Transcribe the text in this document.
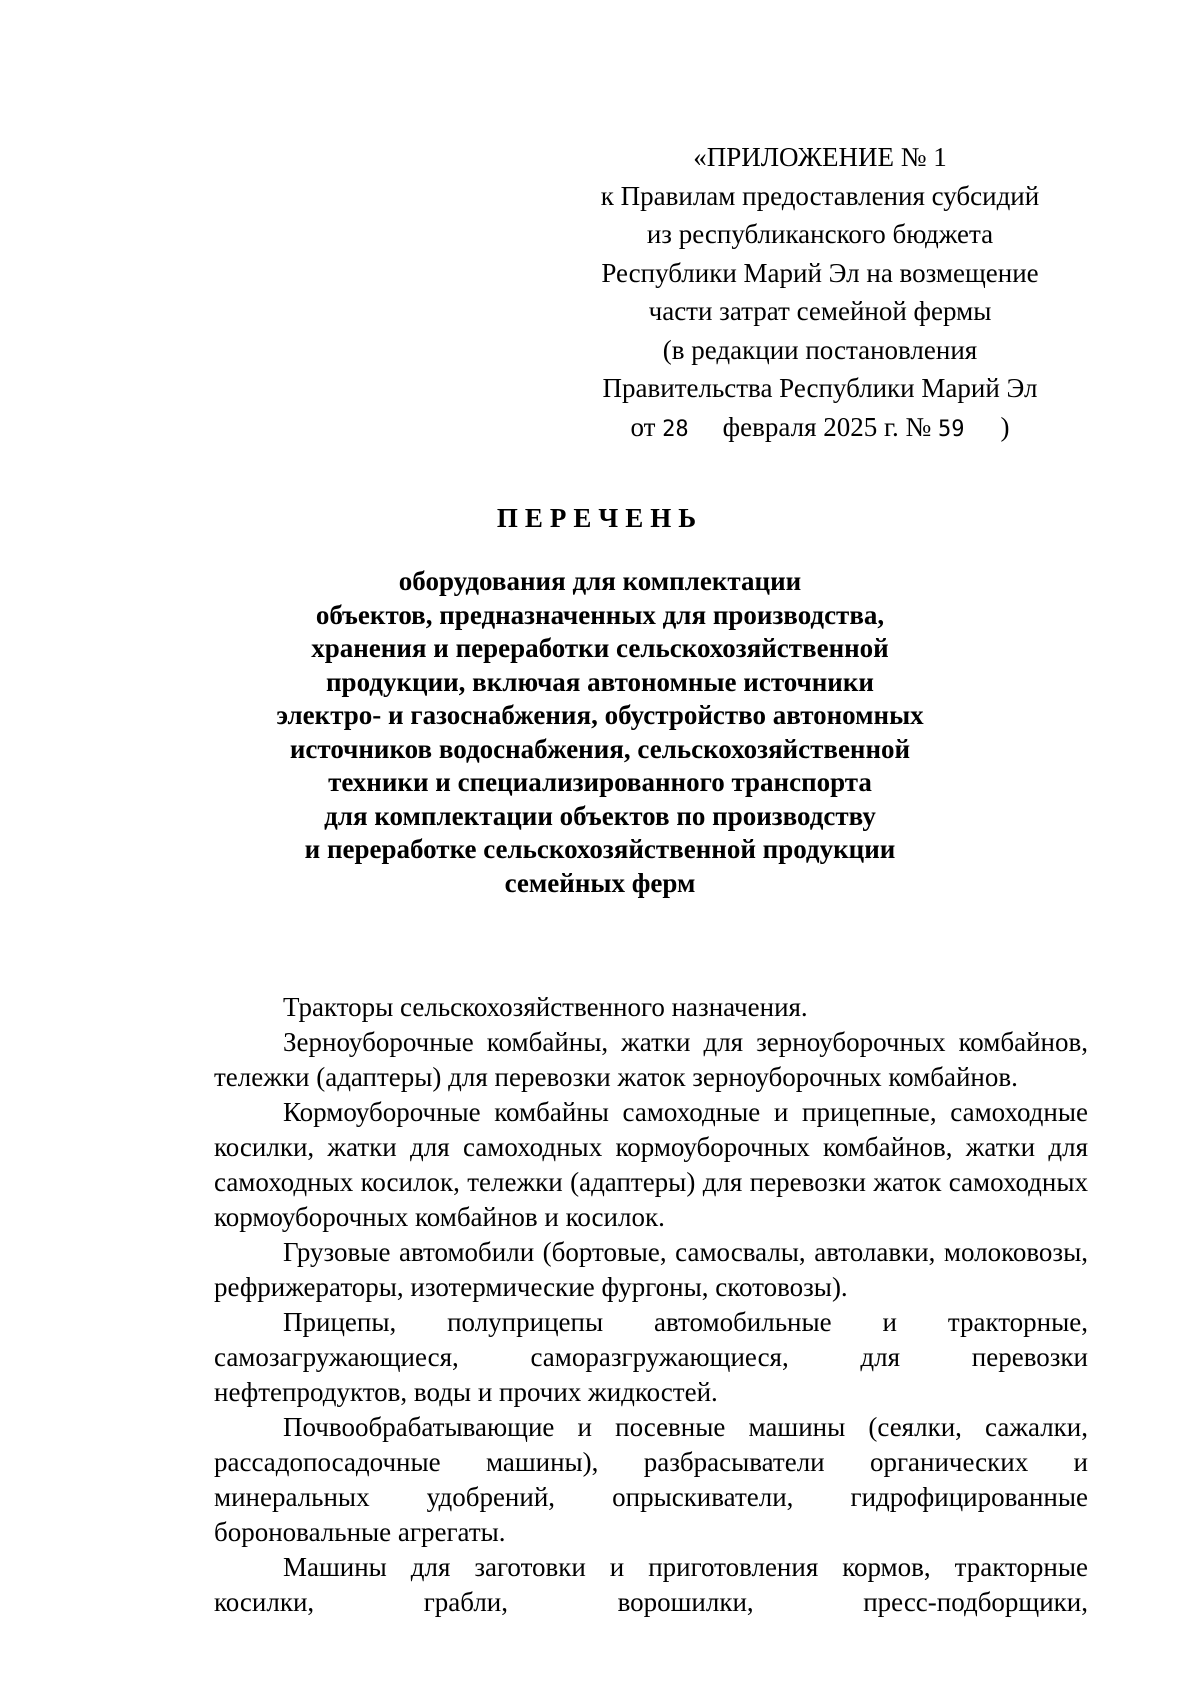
«ПРИЛОЖЕНИЕ № 1
к Правилам предоставления субсидий
из республиканского бюджета
Республики Марий Эл на возмещение
части затрат семейной фермы
(в редакции постановления
Правительства Республики Марий Эл
от 28 февраля 2025 г. № 59 )
ПЕРЕЧЕНЬ
оборудования для комплектации
объектов, предназначенных для производства,
хранения и переработки сельскохозяйственной
продукции, включая автономные источники
электро- и газоснабжения, обустройство автономных
источников водоснабжения, сельскохозяйственной
техники и специализированного транспорта
для комплектации объектов по производству
и переработке сельскохозяйственной продукции
семейных ферм

Тракторы сельскохозяйственного назначения.

Зерноуборочные комбайны, жатки для зерноуборочных комбайнов, тележки (адаптеры) для перевозки жаток зерноуборочных комбайнов.

Кормоуборочные комбайны самоходные и прицепные, самоходные косилки, жатки для самоходных кормоуборочных комбайнов, жатки для самоходных косилок, тележки (адаптеры) для перевозки жаток самоходных кормоуборочных комбайнов и косилок.

Грузовые автомобили (бортовые, самосвалы, автолавки, молоковозы, рефрижераторы, изотермические фургоны, скотовозы).

Прицепы, полуприцепы автомобильные и тракторные, самозагружающиеся, саморазгружающиеся, для перевозки нефтепродуктов, воды и прочих жидкостей.

Почвообрабатывающие и посевные машины (сеялки, сажалки, рассадопосадочные машины), разбрасыватели органических и минеральных удобрений, опрыскиватели, гидрофицированные бороновальные агрегаты.

Машины для заготовки и приготовления кормов, тракторные косилки, грабли, ворошилки, пресс-подборщики,
